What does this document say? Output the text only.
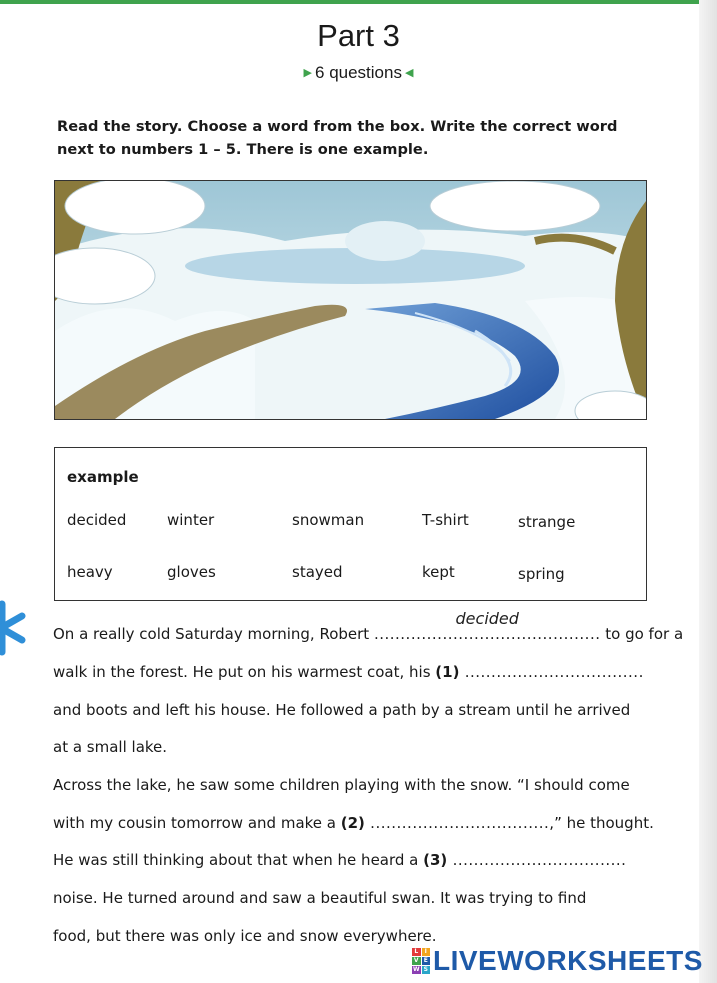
Part 3
▶ 6 questions ◀
Read the story. Choose a word from the box. Write the correct word next to numbers 1 – 5. There is one example.
example
decided	winter	snowman	T-shirt	strange
heavy	gloves	stayed	kept	spring

On a really cold Saturday morning, Robert ...........................................
decided
to go for a

walk in the forest. He put on his warmest coat, his (1) ..................................

and boots and left his house. He followed a path by a stream until he arrived

at a small lake.

Across the lake, he saw some children playing with the snow. “I should come

with my cousin tomorrow and make a (2) ..................................,” he thought.

He was still thinking about that when he heard a (3) .................................

noise. He turned around and saw a beautiful swan. It was trying to find

food, but there was only ice and snow everywhere.

L	I
V E
W S LIVEWORKSHEETS
